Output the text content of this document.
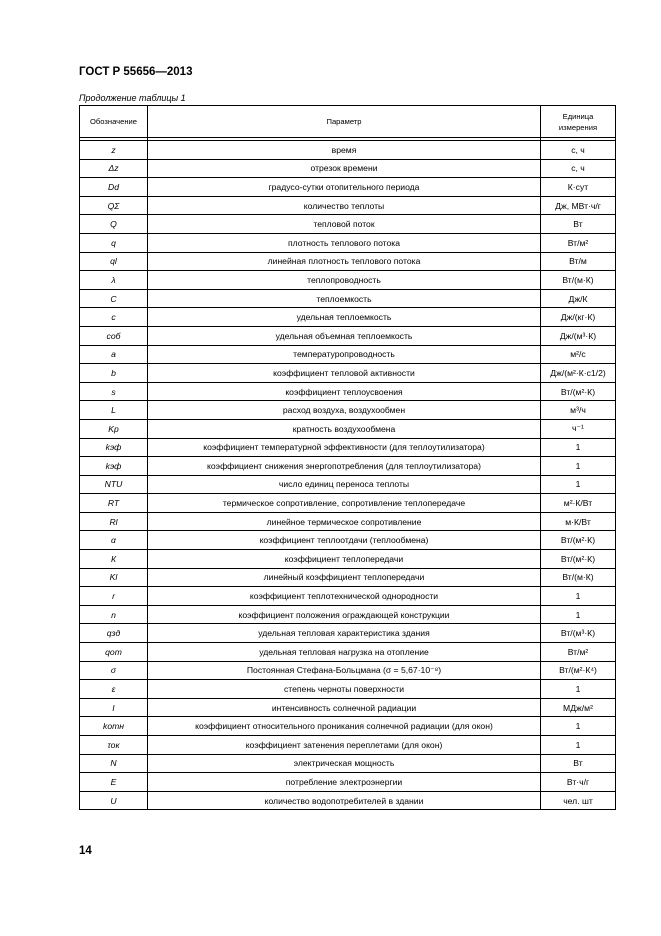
ГОСТ Р 55656—2013
Продолжение таблицы 1
Обозначение	Параметр	Единица измерения

z	время	с, ч
Δz	отрезок времени	с, ч
Dd	градусо-сутки отопительного периода	К·сут
QΣ	количество теплоты	Дж, МВт·ч/г
Q	тепловой поток	Вт
q	плотность теплового потока	Вт/м²
ql	линейная плотность теплового потока	Вт/м
λ	теплопроводность	Вт/(м·К)
C	теплоемкость	Дж/К
c	удельная теплоемкость	Дж/(кг·К)
cоб	удельная объемная теплоемкость	Дж/(м³·К)
a	температуропроводность	м²/с
b	коэффициент тепловой активности	Дж/(м²·К·с1/2)
s	коэффициент теплоусвоения	Вт/(м²·К)
L	расход воздуха, воздухообмен	м³/ч
Kр	кратность воздухообмена	ч⁻¹
kэф	коэффициент температурной эффективности (для теплоутилизатора)	1
kэф	коэффициент снижения энергопотребления (для теплоутилизатора)	1
NTU	число единиц переноса теплоты	1
RT	термическое сопротивление, сопротивление теплопередаче	м²·К/Вт
Rl	линейное термическое сопротивление	м·К/Вт
α	коэффициент теплоотдачи (теплообмена)	Вт/(м²·К)
К	коэффициент теплопередачи	Вт/(м²·К)
Kl	линейный коэффициент теплопередачи	Вт/(м·К)
r	коэффициент теплотехнической однородности	1
n	коэффициент положения ограждающей конструкции	1
qзд	удельная тепловая характеристика здания	Вт/(м³·К)
qот	удельная тепловая нагрузка на отопление	Вт/м²
σ	Постоянная Стефана-Больцмана (σ = 5,67·10⁻⁸)	Вт/(м²·К⁴)
ε	степень черноты поверхности	1
I	интенсивность солнечной радиации	МДж/м²
kотн	коэффициент относительного проникания солнечной радиации (для окон)	1
τок	коэффициент затенения переплетами (для окон)	1
N	электрическая мощность	Вт
E	потребление электроэнергии	Вт·ч/г
U	количество водопотребителей в здании	чел. шт
14
